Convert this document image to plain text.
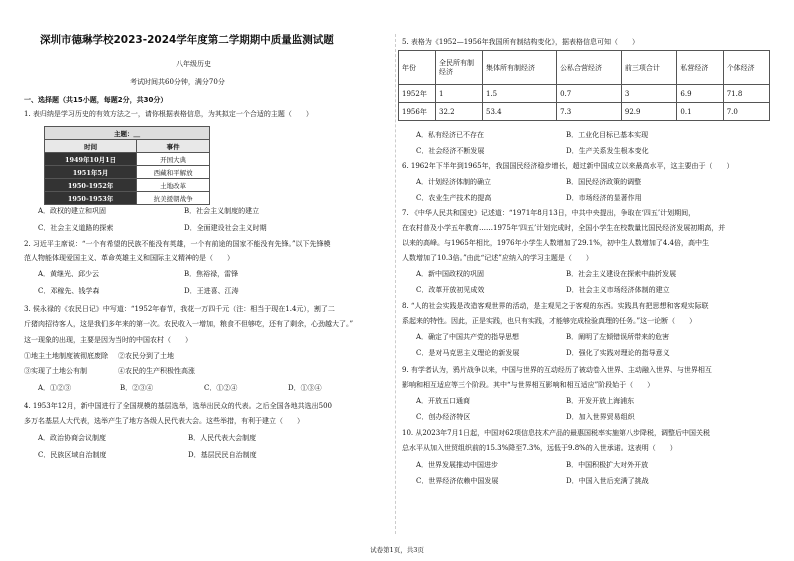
深圳市德琳学校2023-2024学年度第二学期期中质量监测试题
八年级历史
考试时间共60分钟，满分70分
一、选择题（共15小题，每题2分，共30分）
1. 表归纳是学习历史的有效方法之一，请你根据表格信息，为其拟定一个合适的主题（　　）
主题：＿	
时间	事件
1949年10月1日	开国大典
1951年5月	西藏和平解放
1950-1952年	土地改革
1950-1953年	抗美援朝战争
A．政权的建立和巩固	B．社会主义制度的建立
C．社会主义道路的探索	D．全面建设社会主义时期
2. 习近平主席说：“一个有希望的民族不能没有英雄，一个有前途的国家不能没有先锋。”以下先锋模
范人物能体现爱国主义、革命英雄主义和国际主义精神的是（　　）
A．黄继光、邱少云	B．焦裕禄，雷锋
C．邓稼先、钱学森	D．王进喜、江涛
3. 侯永禄的《农民日记》中写道：“1952年春节，我花一万四千元（注：相当于现在1.4元），割了二
斤猪肉招待客人，这是我们多年来的第一次。农民收入一增加，粮食不但够吃，还有了剩余，心劲越大了。”
这一现象的出现，主要是因为当时的中国农村（　　）
①地主土地制度被彻底废除 ②农民分到了土地
③实现了土地公有制	④农民的生产积极性高涨
A．①②③	B．②③④	C．①②④	D．①③④
4. 1953年12月，新中国进行了全国规模的基层选举，选举出民众的代表。之后全国各地共选出500
多万名基层人大代表，选举产生了地方各级人民代表大会。这些举措，有利于建立（　　）
A．政治协商会议制度	B．人民代表大会制度
C．民族区域自治制度	D．基层民民自治制度
5. 表格为《1952—1956年我国所有制结构变化》，据表格信息可知（　　）
年份	全民所有制经济	集体所有制经济	公私合营经济	前三项合计	私营经济	个体经济
1952年	1	1.5	0.7	3	6.9	71.8
1956年	32.2	53.4	7.3	92.9	0.1	7.0
A．私有经济已不存在	B．工业化目标已基本实现
C．社会经济不断发展	D．生产关系发生根本变化
6. 1962年下半年到1965年，我国国民经济稳步增长，超过新中国成立以来最高水平，这主要由于（　　）
A．计划经济体制的确立	B．国民经济政策的调整
C．农业生产技术的提高	D．市场经济的显著作用
7. 《中华人民共和国史》记述道：“1971年8月13日，中共中央提出，争取在‘四五’计划期间，
在农村普及小学五年教育……1975年‘四五’计划完成时，全国小学生在校数量比国民经济发展初期高，并
以来的高峰。与1965年相比，1976年小学生人数增加了29.1%，初中生人数增加了4.4倍，高中生
人数增加了10.3倍。”由此“记述”应纳入的学习主题是（　　）
A．新中国政权的巩固	B．社会主义建设在探索中曲折发展
C．改革开放初见成效	D．社会主义市场经济体制的建立
8. “人的社会实践是改造客观世界的活动，是主观见之于客观的东西。实践具有把思想和客观实际联
系起来的特性。因此，正是实践，也只有实践，才能够完成检验真理的任务。”这一论断（　　）
A．确定了中国共产党的指导思想	B．阐明了左倾错误所带来的危害
C．是对马克思主义理论的新发展	D．强化了实践对理论的指导意义
9. 有学者认为，鸦片战争以来，中国与世界的互动经历了被动卷入世界、主动融入世界、与世界相互
影响和相互适应等三个阶段。其中“与世界相互影响和相互适应”阶段始于（　　）
A．开放五口通商	B．开发开放上海浦东
C．创办经济特区	D．加入世界贸易组织
10. 从2023年7月1日起，中国对62项信息技术产品的最惠国税率实施第八步降税，调整后中国关税
总水平从加入世贸组织前的15.3%降至7.3%，远低于9.8%的入世承诺。这表明（　　）
A．世界发展推动中国进步	B．中国积极扩大对外开放
C．世界经济依赖中国发展	D．中国入世后充满了挑战
试卷第1页，共3页
